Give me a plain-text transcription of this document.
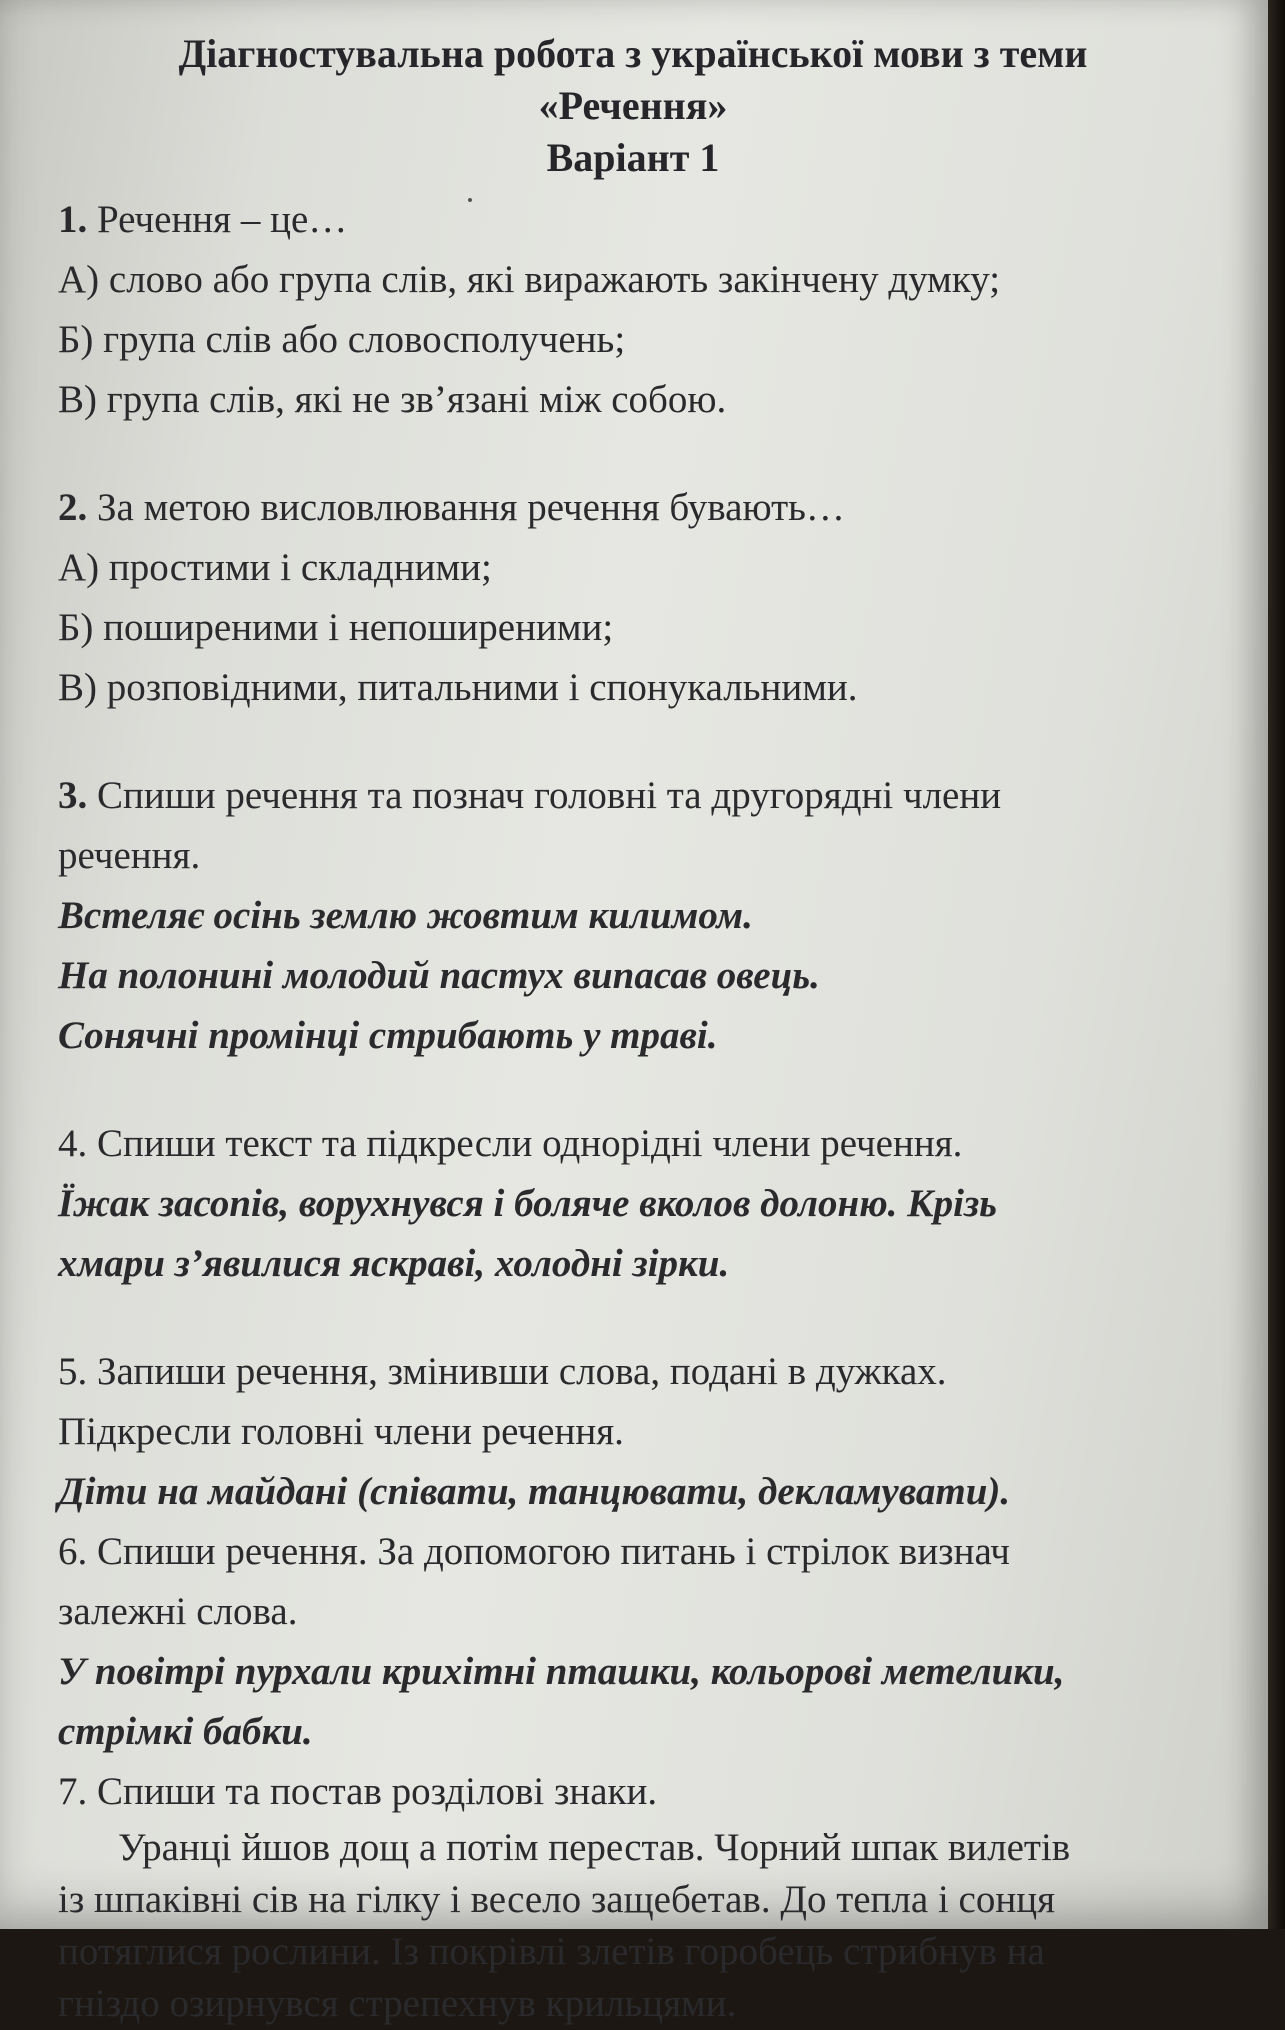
Діагностувальна робота з української мови з теми
«Речення»
Варіант 1
1. Речення – це…
А) слово або група слів, які виражають закінчену думку;
Б) група слів або словосполучень;
В) група слів, які не зв’язані між собою.
2. За метою висловлювання речення бувають…
А) простими і складними;
Б) поширеними і непоширеними;
В) розповідними, питальними і спонукальними.
3. Спиши речення та познач головні та другорядні члени
речення.
Встеляє осінь землю жовтим килимом.
На полонині молодий пастух випасав овець.
Сонячні промінці стрибають у траві.
4. Спиши текст та підкресли однорідні члени речення.
Їжак засопів, ворухнувся і боляче вколов долоню. Крізь
хмари з’явилися яскраві, холодні зірки.
5. Запиши речення, змінивши слова, подані в дужках.
Підкресли головні члени речення.
Діти на майдані (співати, танцювати, декламувати).
6. Спиши речення. За допомогою питань і стрілок визнач
залежні слова.
У повітрі пурхали крихітні пташки, кольорові метелики,
стрімкі бабки.
7. Спиши та постав розділові знаки.
Уранці йшов дощ а потім перестав. Чорний шпак вилетів
із шпаківні сів на гілку і весело защебетав. До тепла і сонця
потяглися рослини. Із покрівлі злетів горобець стрибнув на
гніздо озирнувся стрепехнув крильцями.
